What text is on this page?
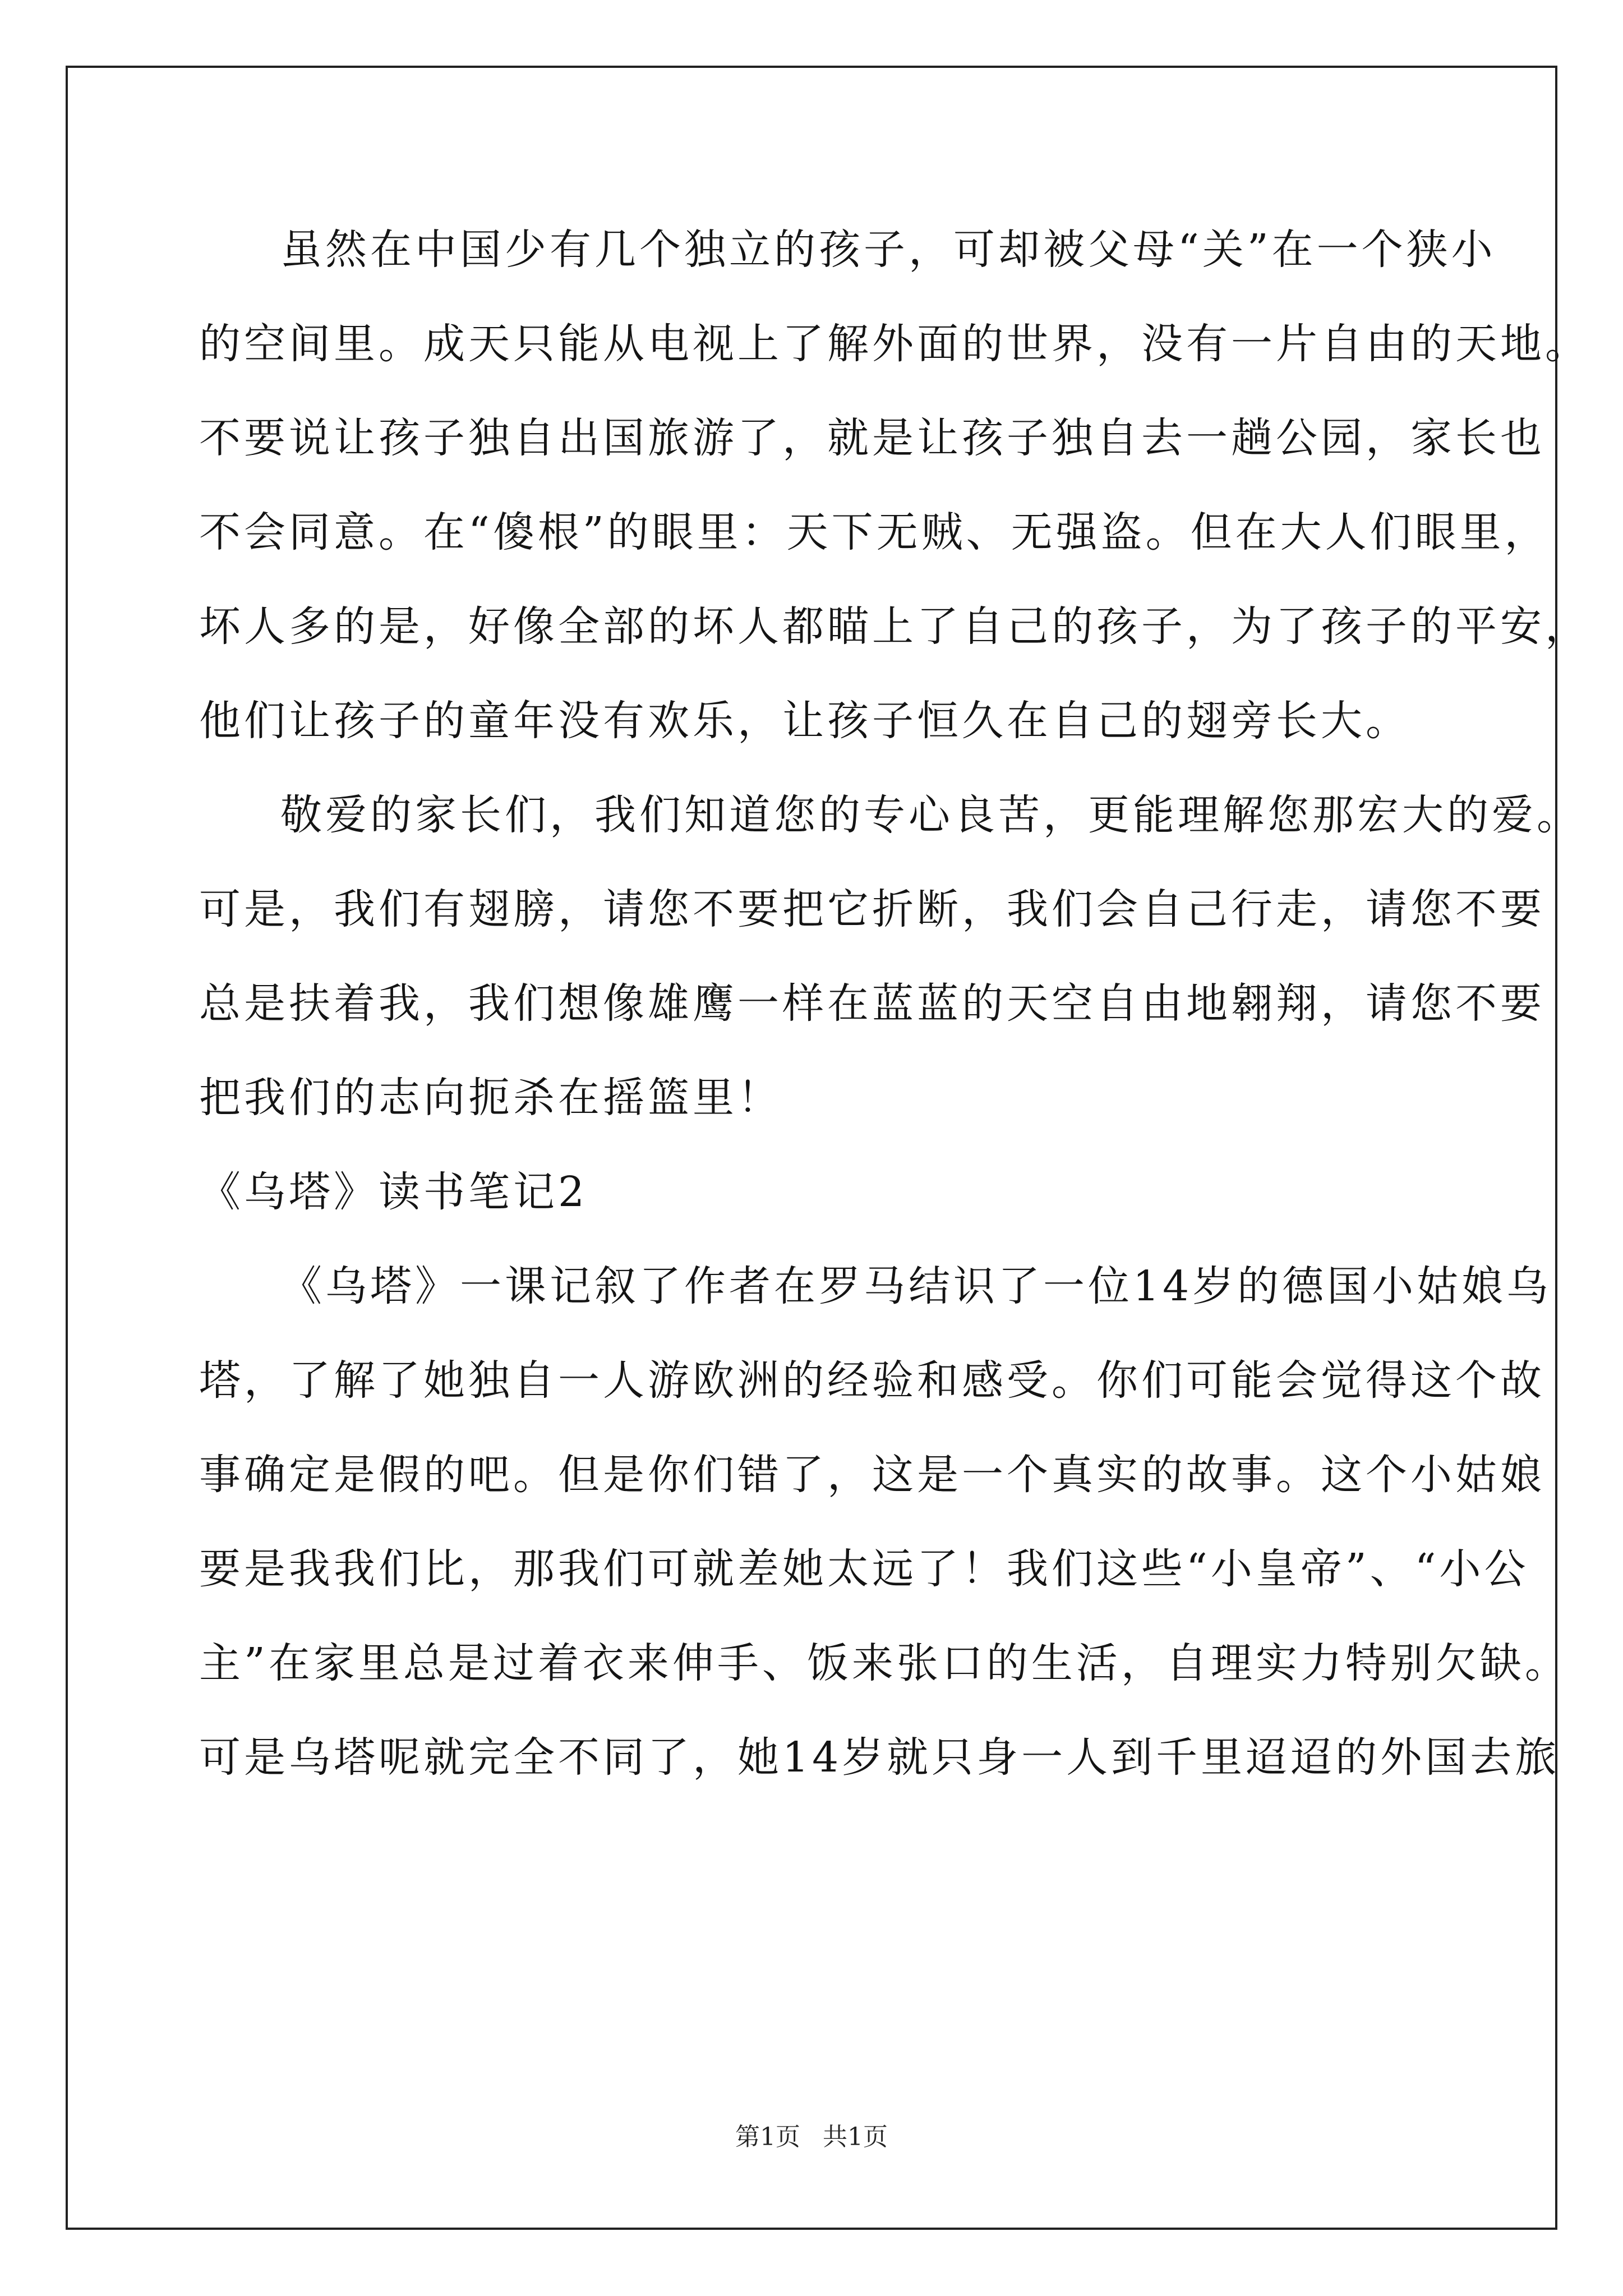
虽然在中国少有几个独立的孩子，可却被父母“关”在一个狭小
的空间里。成天只能从电视上了解外面的世界，没有一片自由的天地。
不要说让孩子独自出国旅游了，就是让孩子独自去一趟公园，家长也
不会同意。在“傻根”的眼里：天下无贼、无强盗。但在大人们眼里，
坏人多的是，好像全部的坏人都瞄上了自己的孩子，为了孩子的平安，
他们让孩子的童年没有欢乐，让孩子恒久在自己的翅旁长大。
敬爱的家长们，我们知道您的专心良苦，更能理解您那宏大的爱。
可是，我们有翅膀，请您不要把它折断，我们会自己行走，请您不要
总是扶着我，我们想像雄鹰一样在蓝蓝的天空自由地翱翔，请您不要
把我们的志向扼杀在摇篮里！
《乌塔》读书笔记2
《乌塔》一课记叙了作者在罗马结识了一位14岁的德国小姑娘乌
塔，了解了她独自一人游欧洲的经验和感受。你们可能会觉得这个故
事确定是假的吧。但是你们错了，这是一个真实的故事。这个小姑娘
要是我我们比，那我们可就差她太远了！我们这些“小皇帝”、“小公
主”在家里总是过着衣来伸手、饭来张口的生活，自理实力特别欠缺。
可是乌塔呢就完全不同了，她14岁就只身一人到千里迢迢的外国去旅
第1页 共1页
